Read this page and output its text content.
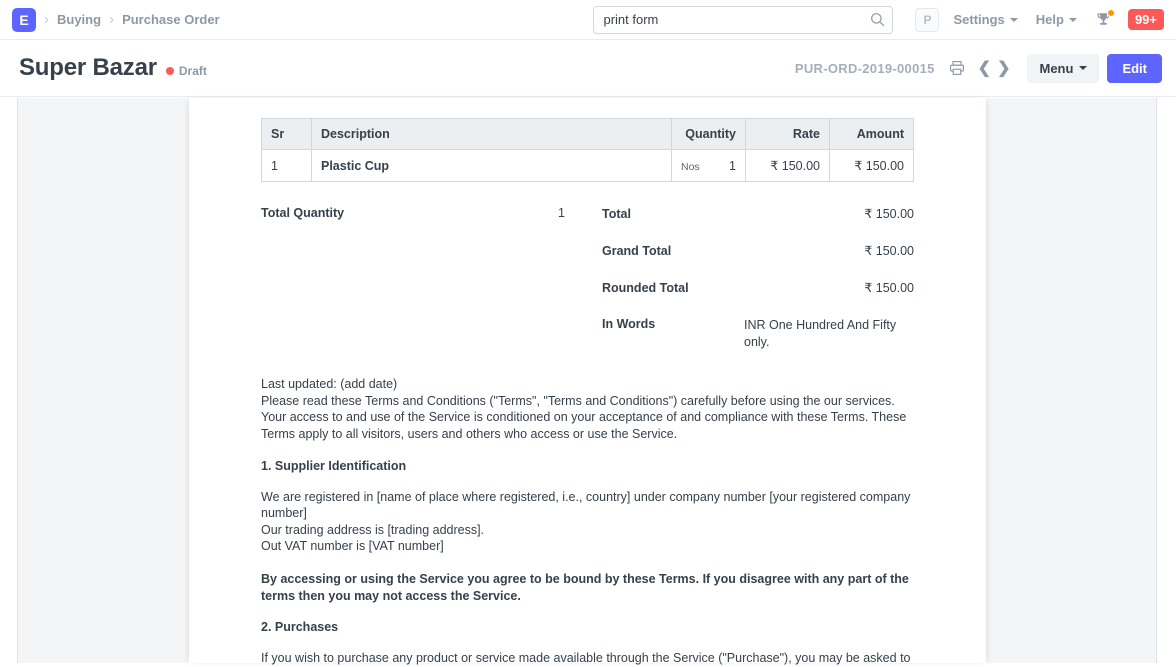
E	› Buying › Purchase Order
print form	P	Settings Help	99+
Super Bazar Draft	PUR-ORD-2019-00015	❮ ❯ Menu	Edit
Sr	Description	Quantity	Rate	Amount
1	Plastic Cup	Nos 1	₹ 150.00	₹ 150.00
Total Quantity	1	Total	₹ 150.00
Grand Total	₹ 150.00
Rounded Total	₹ 150.00
In Words	INR One Hundred And Fifty only.

Last updated: (add date)

Please read these Terms and Conditions ("Terms", "Terms and Conditions") carefully before using the our services.

Your access to and use of the Service is conditioned on your acceptance of and compliance with these Terms. These Terms apply to all visitors, users and others who access or use the Service.

1. Supplier Identification

We are registered in [name of place where registered, i.e., country] under company number [your registered company number]

Our trading address is [trading address].

Out VAT number is [VAT number]

By accessing or using the Service you agree to be bound by these Terms. If you disagree with any part of the terms then you may not access the Service.

2. Purchases

If you wish to purchase any product or service made available through the Service ("Purchase"), you may be asked to
